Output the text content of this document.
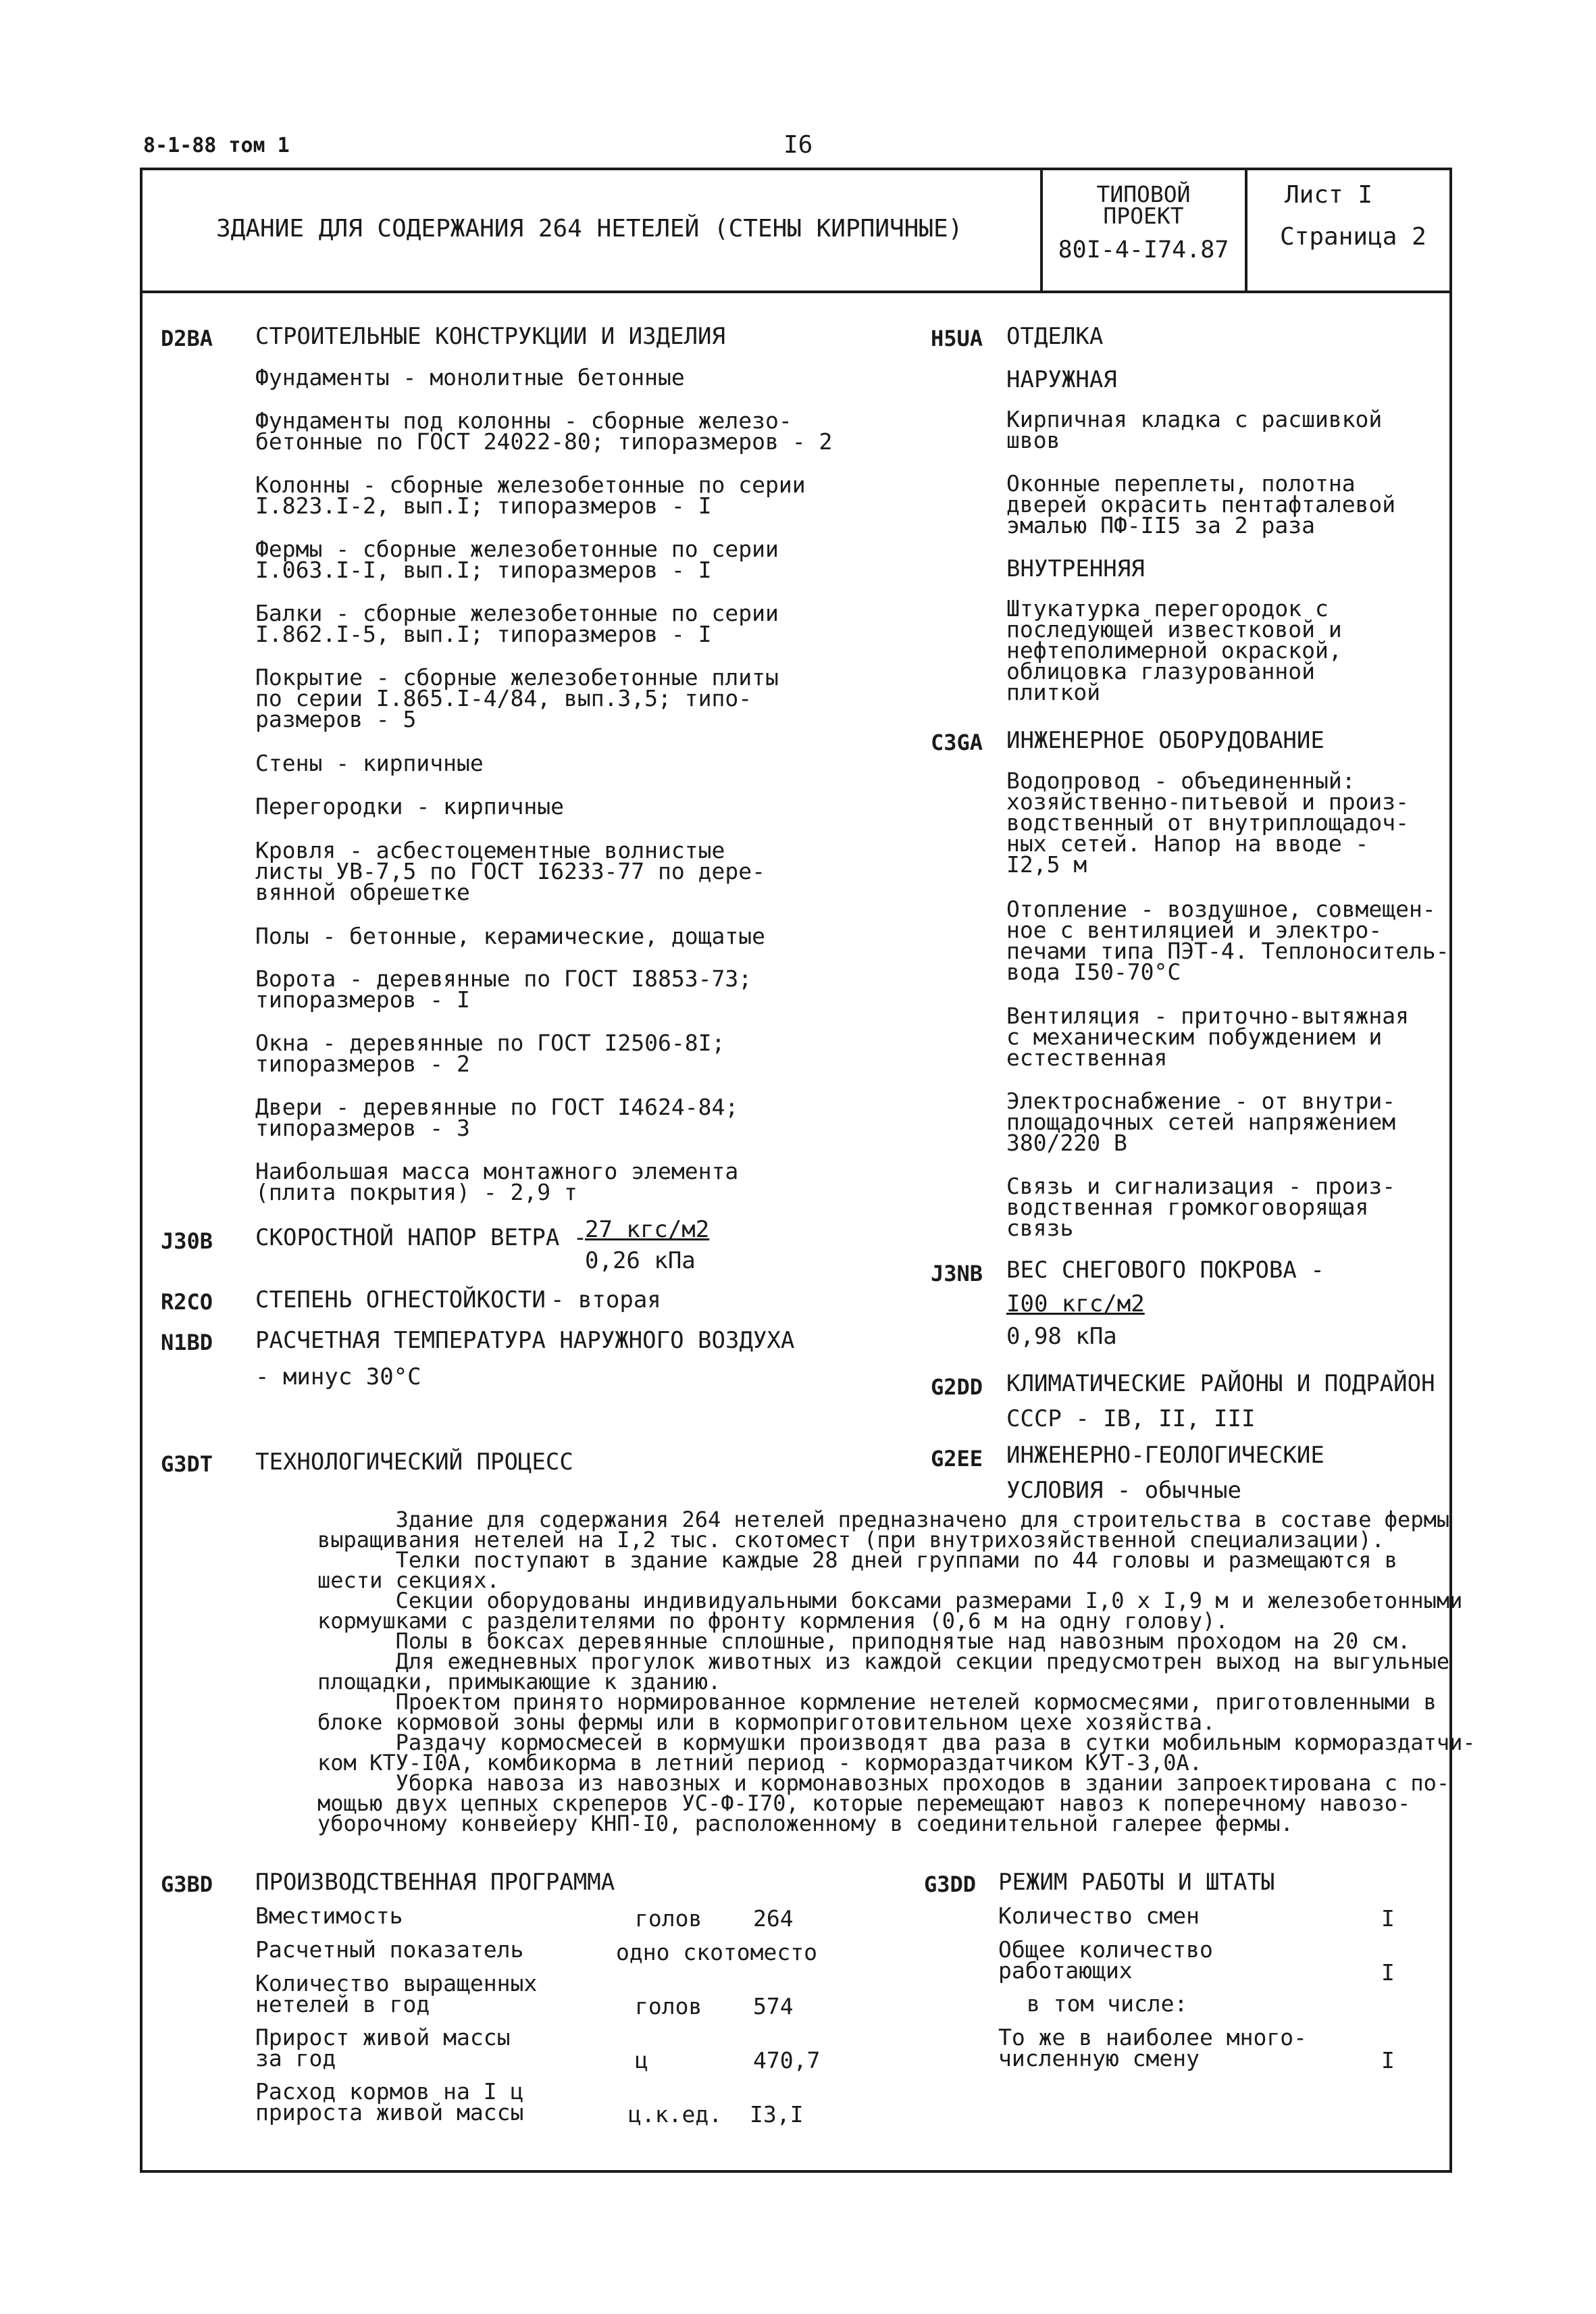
8-1-88 том 1	I6
ЗДАНИЕ ДЛЯ СОДЕРЖАНИЯ 264 НЕТЕЛЕЙ (СТЕНЫ КИРПИЧНЫЕ)
ТИПОВОЙ
ПРОЕКТ
80I-4-I74.87
Лист I
Страница 2
D2BA СТРОИТЕЛЬНЫЕ КОНСТРУКЦИИ И ИЗДЕЛИЯ
Фундаменты - монолитные бетонные
Фундаменты под колонны - сборные железо-
бетонные по ГОСТ 24022-80; типоразмеров - 2
Колонны - сборные железобетонные по серии
I.823.I-2, вып.I; типоразмеров - I
Фермы - сборные железобетонные по серии
I.063.I-I, вып.I; типоразмеров - I
Балки - сборные железобетонные по серии
I.862.I-5, вып.I; типоразмеров - I
Покрытие - сборные железобетонные плиты
по серии I.865.I-4/84, вып.3,5; типо-
размеров - 5
Стены - кирпичные
Перегородки - кирпичные
Кровля - асбестоцементные волнистые
листы УВ-7,5 по ГОСТ I6233-77 по дере-
вянной обрешетке
Полы - бетонные, керамические, дощатые
Ворота - деревянные по ГОСТ I8853-73;
типоразмеров - I
Окна - деревянные по ГОСТ I2506-8I;
типоразмеров - 2
Двери - деревянные по ГОСТ I4624-84;
типоразмеров - 3
Наибольшая масса монтажного элемента
(плита покрытия) - 2,9 т
J30B СКОРОСТНОЙ НАПОР ВЕТРА -
27 кгс/м2
0,26 кПа
R2CO СТЕПЕНЬ ОГНЕСТОЙКОСТИ - вторая
N1BD РАСЧЕТНАЯ ТЕМПЕРАТУРА НАРУЖНОГО ВОЗДУХА
- минус 30°С
G3DT ТЕХНОЛОГИЧЕСКИЙ ПРОЦЕСС
H5UA ОТДЕЛКА
НАРУЖНАЯ
Кирпичная кладка с расшивкой
швов
Оконные переплеты, полотна
дверей окрасить пентафталевой
эмалью ПФ-II5 за 2 раза
ВНУТРЕННЯЯ
Штукатурка перегородок с
последующей известковой и
нефтеполимерной окраской,
облицовка глазурованной
плиткой
C3GA ИНЖЕНЕРНОЕ ОБОРУДОВАНИЕ
Водопровод - объединенный:
хозяйственно-питьевой и произ-
водственный от внутриплощадоч-
ных сетей. Напор на вводе -
I2,5 м
Отопление - воздушное, совмещен-
ное с вентиляцией и электро-
печами типа ПЭТ-4. Теплоноситель-
вода I50-70°С
Вентиляция - приточно-вытяжная
с механическим побуждением и
естественная
Электроснабжение - от внутри-
площадочных сетей напряжением
380/220 В
Связь и сигнализация - произ-
водственная громкоговорящая
связь
J3NB ВЕС СНЕГОВОГО ПОКРОВА -
I00 кгс/м2
0,98 кПа
G2DD КЛИМАТИЧЕСКИЕ РАЙОНЫ И ПОДРАЙОН
СССР - IВ, II, III
G2EE ИНЖЕНЕРНО-ГЕОЛОГИЧЕСКИЕ
УСЛОВИЯ - обычные
Здание для содержания 264 нетелей предназначено для строительства в составе фермы
выращивания нетелей на I,2 тыс. скотомест (при внутрихозяйственной специализации).
Телки поступают в здание каждые 28 дней группами по 44 головы и размещаются в
шести секциях.
Секции оборудованы индивидуальными боксами размерами I,0 x I,9 м и железобетонными
кормушками с разделителями по фронту кормления (0,6 м на одну голову).
Полы в боксах деревянные сплошные, приподнятые над навозным проходом на 20 см.
Для ежедневных прогулок животных из каждой секции предусмотрен выход на выгульные
площадки, примыкающие к зданию.
Проектом принято нормированное кормление нетелей кормосмесями, приготовленными в
блоке кормовой зоны фермы или в кормоприготовительном цехе хозяйства.
Раздачу кормосмесей в кормушки производят два раза в сутки мобильным кормораздатчи-
ком КТУ-I0А, комбикорма в летний период - кормораздатчиком КУТ-3,0А.
Уборка навоза из навозных и кормонавозных проходов в здании запроектирована с по-
мощью двух цепных скреперов УС-Ф-I70, которые перемещают навоз к поперечному навозо-
уборочному конвейеру КНП-I0, расположенному в соединительной галерее фермы.
G3BD ПРОИЗВОДСТВЕННАЯ ПРОГРАММА
Вместимость	голов 264
Расчетный показатель	одно скотоместо
Количество выращенных
нетелей в год	голов 574
Прирост живой массы
за год	ц	470,7
Расход кормов на I ц
прироста живой массы	ц.к.ед. I3,I
G3DD РЕЖИМ РАБОТЫ И ШТАТЫ
Количество смен	I
Общее количество
работающих	I
в том числе:
То же в наиболее много-
численную смену	I
